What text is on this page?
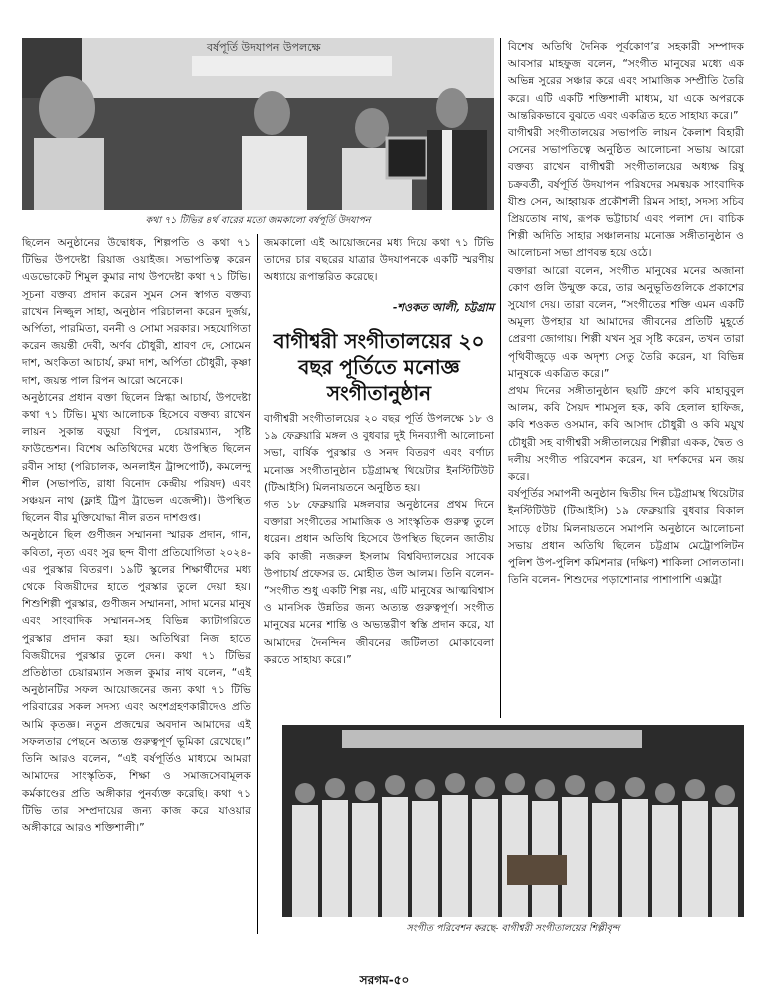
বর্ষপূর্তি উদযাপন উপলক্ষে
কথা ৭১ টিভির ৪র্থ বারের মতো জমকালো বর্ষপূর্তি উদযাপন

ছিলেন অনুষ্ঠানের উদ্বোধক, শিল্পপতি ও কথা ৭১ টিভির উপদেষ্টা রিয়াজ ওয়াইজ। সভাপতিত্ব করেন এডভোকেট শিমুল কুমার নাথ উপদেষ্টা কথা ৭১ টিভি। সূচনা বক্তব্য প্রদান করেন সুমন সেন স্বাগত বক্তব্য রাখেন নিজ্জুল সাহা, অনুষ্ঠান পরিচালনা করেন দুর্জয়, অর্পিতা, পারমিতা, বননী ও সোমা সরকার। সহযোগিতা করেন জয়ন্তী দেবী, অর্ণব চৌধুরী, শ্রাবণ দে, সোমেন দাশ, অংকিতা আচার্য, রুমা দাশ, অর্পিতা চৌধুরী, কৃষ্ণা দাশ, জয়ন্ত পাল রিপন আরো অনেকে।

অনুষ্ঠানের প্রধান বক্তা ছিলেন স্নিগ্ধা আচার্য, উপদেষ্টা কথা ৭১ টিভি। মুখ্য আলোচক হিসেবে বক্তব্য রাখেন লায়ন সুকান্ত বড়ুয়া বিপুল, চেয়ারম্যান, সৃষ্টি ফাউন্ডেশন। বিশেষ অতিথিদের মধ্যে উপস্থিত ছিলেন রবীন সাহা (পরিচালক, অনলাইন ট্রান্সপোর্ট), কমলেন্দু শীল (সভাপতি, রাধা বিনোদ কেন্দ্রীয় পরিষদ) এবং সঞ্চয়ন নাথ (ফ্লাই ট্রিপ ট্রাভেল এজেন্সী)। উপস্থিত ছিলেন বীর মুক্তিযোদ্ধা নীল রতন দাশগুপ্ত।

অনুষ্ঠানে ছিল গুণীজন সম্মাননা স্মারক প্রদান, গান, কবিতা, নৃত্য এবং সুর ছন্দ বীণা প্রতিযোগিতা ২০২৪-এর পুরস্কার বিতরণ। ১৯টি স্কুলের শিক্ষার্থীদের মধ্য থেকে বিজয়ীদের হাতে পুরস্কার তুলে দেয়া হয়। শিশুশিল্পী পুরস্কার, গুণীজন সম্মাননা, সাদা মনের মানুষ এবং সাংবাদিক সম্মানন-সহ বিভিন্ন ক্যাটাগরিতে পুরস্কার প্রদান করা হয়। অতিথিরা নিজ হাতে বিজয়ীদের পুরস্কার তুলে দেন। কথা ৭১ টিভির প্রতিষ্ঠাতা চেয়ারম্যান সজল কুমার নাথ বলেন, “এই অনুষ্ঠানটির সফল আয়োজনের জন্য কথা ৭১ টিভি পরিবারের সকল সদস্য এবং অংশগ্রহণকারীদেও প্রতি আমি কৃতজ্ঞ। নতুন প্রজন্মের অবদান আমাদের এই সফলতার পেছনে অত্যন্ত গুরুত্বপূর্ণ ভূমিকা রেখেছে।” তিনি আরও বলেন, “এই বর্ষপূর্তিও মাধ্যমে আমরা আমাদের সাংস্কৃতিক, শিক্ষা ও সমাজসেবামূলক কর্মকাণ্ডের প্রতি অঙ্গীকার পুনর্ব্যক্ত করেছি। কথা ৭১ টিভি তার সম্প্রদায়ের জন্য কাজ করে যাওয়ার অঙ্গীকারে আরও শক্তিশালী।”

জমকালো এই আয়োজনের মধ্য দিয়ে কথা ৭১ টিভি তাদের চার বছরের যাত্রার উদযাপনকে একটি স্মরণীয় অধ্যায়ে রূপান্তরিত করেছে।

-শওকত আলী, চট্টগ্রাম
বাগীশ্বরী সংগীতালয়ের ২০ বছর পূর্তিতে মনোজ্ঞ সংগীতানুষ্ঠান

বাগীশ্বরী সংগীতালয়ের ২০ বছর পূর্তি উপলক্ষে ১৮ ও ১৯ ফেব্রুয়ারি মঙ্গল ও বুধবার দুই দিনব্যাপী আলোচনা সভা, বার্ষিক পুরস্কার ও সনদ বিতরণ এবং বর্ণাঢ্য মনোজ্ঞ সংগীতানুষ্ঠান চট্টগ্রামস্থ থিয়েটার ইনস্টিটিউট (টিআইসি) মিলনায়তনে অনুষ্ঠিত হয়।

গত ১৮ ফেব্রুয়ারি মঙ্গলবার অনুষ্ঠানের প্রথম দিনে বক্তারা সংগীতের সামাজিক ও সাংস্কৃতিক গুরুত্ব তুলে ধরেন। প্রধান অতিথি হিসেবে উপস্থিত ছিলেন জাতীয় কবি কাজী নজরুল ইসলাম বিশ্ববিদ্যালয়ের সাবেক উপাচার্য প্রফেসর ড. মোহীত উল আলম। তিনি বলেন- “সংগীত শুধু একটি শিল্প নয়, এটি মানুষের আত্মবিশ্বাস ও মানসিক উন্নতির জন্য অত্যন্ত গুরুত্বপূর্ণ। সংগীত মানুষের মনের শান্তি ও অভ্যন্তরীণ স্বস্তি প্রদান করে, যা আমাদের দৈনন্দিন জীবনের জটিলতা মোকাবেলা করতে সাহায্য করে।”

বিশেষ অতিথি দৈনিক পূর্বকোণ’র সহকারী সম্পাদক আবসার মাহফুজ বলেন, “সংগীত মানুষের মধ্যে এক অভিন্ন সুরের সঞ্চার করে এবং সামাজিক সম্প্রীতি তৈরি করে। এটি একটি শক্তিশালী মাধ্যম, যা একে অপরকে আন্তরিকভাবে বুঝতে এবং একত্রিত হতে সাহায্য করে।”

বাগীশ্বরী সংগীতালয়ের সভাপতি লায়ন কৈলাশ বিহারী সেনের সভাপতিত্বে অনুষ্ঠিত আলোচনা সভায় আরো বক্তব্য রাখেন বাগীশ্বরী সংগীতালয়ের অধ্যক্ষ রিষু চক্রবর্তী, বর্ষপূর্তি উদযাপন পরিষদের সমন্বয়ক সাংবাদিক যীশু সেন, আহ্বায়ক প্রকৌশলী রিমন সাহা, সদস্য সচিব প্রিয়তোষ নাথ, রূপক ভট্টাচার্য এবং পলাশ দে। বাচিক শিল্পী অদিতি সাহার সঞ্চালনায় মনোজ্ঞ সঙ্গীতানুষ্ঠান ও আলোচনা সভা প্রাণবন্ত হয়ে ওঠে।

বক্তারা আরো বলেন, সংগীত মানুষের মনের অজানা কোণ গুলি উন্মুক্ত করে, তার অনুভূতিগুলিকে প্রকাশের সুযোগ দেয়। তারা বলেন, “সংগীতের শক্তি এমন একটি অমূল্য উপহার যা আমাদের জীবনের প্রতিটি মুহূর্তে প্রেরণা জোগায়। শিল্পী যখন সুর সৃষ্টি করেন, তখন তারা পৃথিবীজুড়ে এক অদৃশ্য সেতু তৈরি করেন, যা বিভিন্ন মানুষকে একত্রিত করে।”

প্রথম দিনের সঙ্গীতানুষ্ঠান ছয়টি গ্রুপে কবি মাহাবুবুল আলম, কবি সৈয়দ শামসুল হক, কবি হেলাল হাফিজ, কবি শওকত ওসমান, কবি আসাদ চৌধুরী ও কবি ময়ুখ চৌধুরী সহ বাগীশ্বরী সঙ্গীতালয়ের শিল্পীরা একক, দ্বৈত ও দলীয় সংগীত পরিবেশন করেন, যা দর্শকদের মন জয় করে।

বর্ষপূর্তির সমাপনী অনুষ্ঠান দ্বিতীয় দিন চট্টগ্রামস্থ থিয়েটার ইনস্টিটিউট (টিআইসি) ১৯ ফেব্রুয়ারি বুধবার বিকাল সাড়ে ৫টায় মিলনায়তনে সমাপনি অনুষ্ঠানে আলোচনা সভায় প্রধান অতিথি ছিলেন চট্টগ্রাম মেট্রোপলিটন পুলিশ উপ-পুলিশ কমিশনার (দক্ষিণ) শাকিলা সোলতানা। তিনি বলেন- শিশুদের পড়াশোনার পাশাপাশি এক্সট্রা

সংগীত পরিবেশন করছে- বাগীশ্বরী সংগীতালয়ের শিল্পীবৃন্দ
সরগম-৫০
